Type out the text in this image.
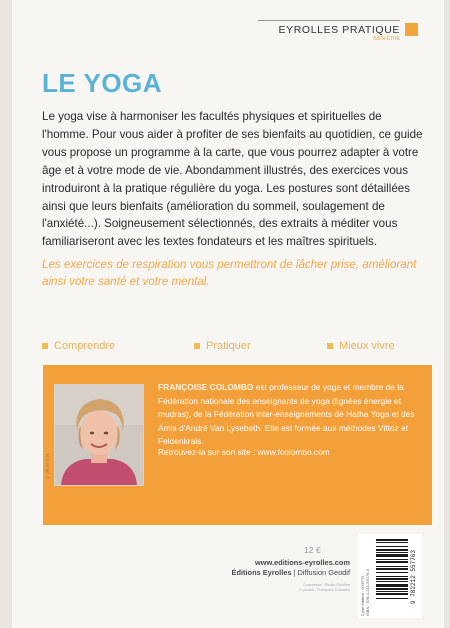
EYROLLES PRATIQUE
BIEN-ÊTRE
LE YOGA
Le yoga vise à harmoniser les facultés physiques et spirituelles de l'homme. Pour vous aider à profiter de ses bienfaits au quotidien, ce guide vous propose un programme à la carte, que vous pourrez adapter à votre âge et à votre mode de vie. Abondamment illustrés, des exercices vous introduiront à la pratique régulière du yoga. Les postures sont détaillées ainsi que leurs bienfaits (amélioration du sommeil, soulagement de l'anxiété...). Soigneusement sélectionnés, des extraits à méditer vous familiariseront avec les textes fondateurs et les maîtres spirituels.
Les exercices de respiration vous permettront de lâcher prise, améliorant ainsi votre santé et votre mental.
Comprendre	Pratiquer	Mieux vivre
© photo D.R.
FRANÇOISE COLOMBO est professeur de yoga et membre de la Fédération nationale des enseignants de yoga (lignées énergie et mudras), de la Fédération inter-enseignements de Hatha Yoga et des Amis d'André Van Lysebeth. Elle est formée aux méthodes Vittoz et Feldenkrais.
Retrouvez-la sur son site : www.fcolombo.com
12 €
www.editions-eyrolles.com
Éditions Eyrolles | Diffusion Geodif
Couverture : Studio Eyrolles
© photos : Françoise Colombo	Code éditeur : G55776 ISBN : 978-2-212-55776-3	9 782212 557763
